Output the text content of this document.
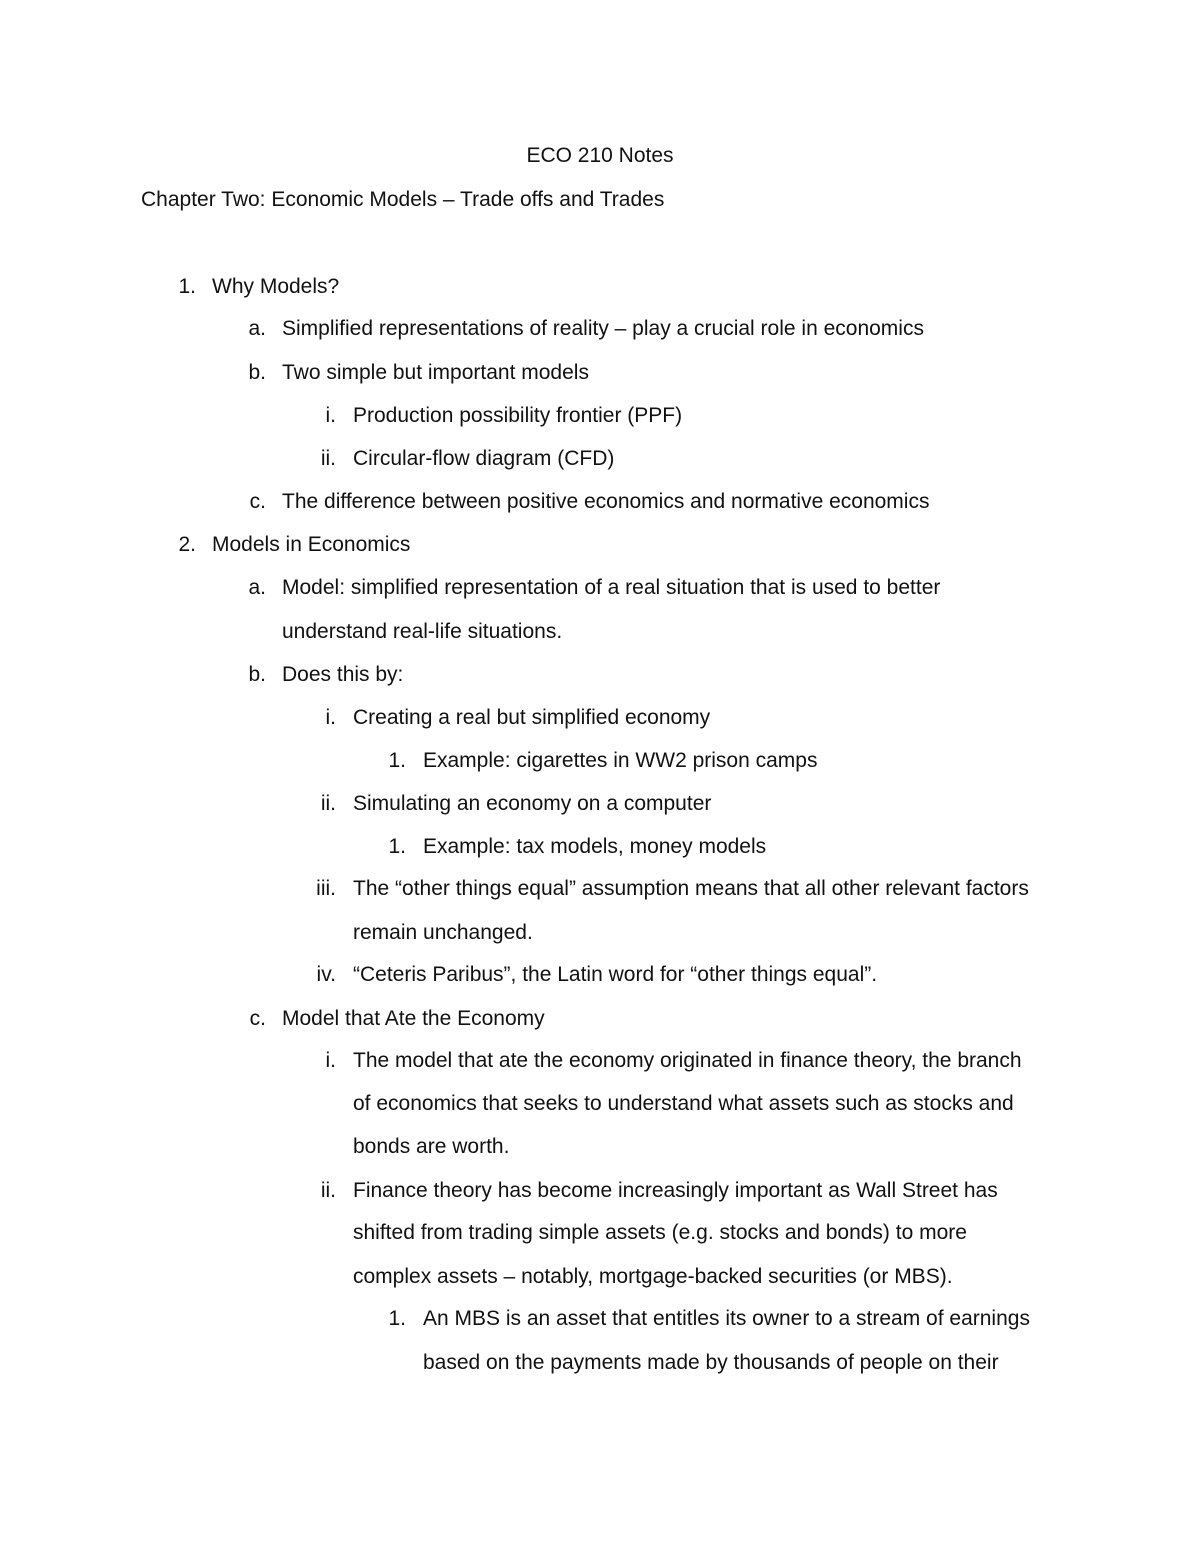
ECO 210 Notes
Chapter Two: Economic Models – Trade offs and Trades
1. Why Models?
a. Simplified representations of reality – play a crucial role in economics
b. Two simple but important models
i. Production possibility frontier (PPF)
ii. Circular-flow diagram (CFD)
c. The difference between positive economics and normative economics
2. Models in Economics
a. Model: simplified representation of a real situation that is used to better
understand real-life situations.
b. Does this by:
i. Creating a real but simplified economy
1. Example: cigarettes in WW2 prison camps
ii. Simulating an economy on a computer
1. Example: tax models, money models
iii. The “other things equal” assumption means that all other relevant factors
remain unchanged.
iv. “Ceteris Paribus”, the Latin word for “other things equal”.
c. Model that Ate the Economy
i. The model that ate the economy originated in finance theory, the branch
of economics that seeks to understand what assets such as stocks and
bonds are worth.
ii. Finance theory has become increasingly important as Wall Street has
shifted from trading simple assets (e.g. stocks and bonds) to more
complex assets – notably, mortgage-backed securities (or MBS).
1. An MBS is an asset that entitles its owner to a stream of earnings
based on the payments made by thousands of people on their
